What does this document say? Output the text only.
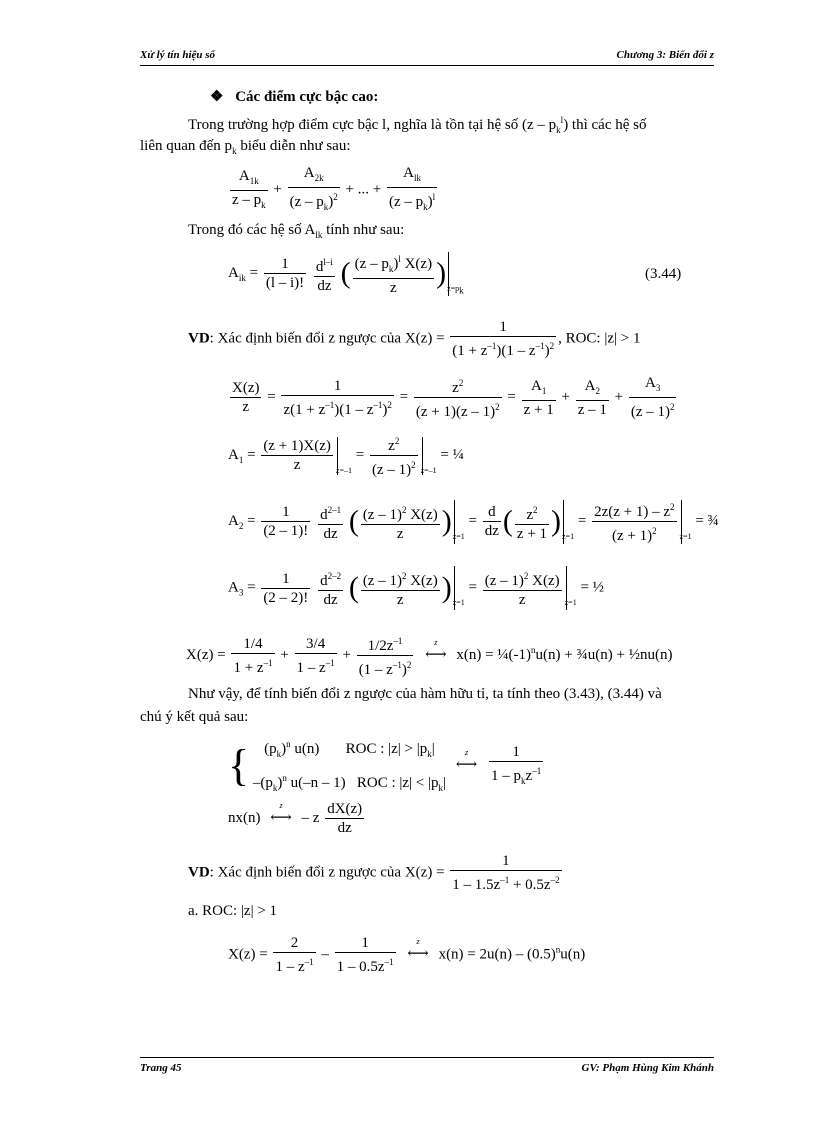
Xử lý tín hiệu số	Chương 3: Biến đổi z
❖ Các điểm cực bậc cao:
Trong trường hợp điểm cực bậc l, nghĩa là tồn tại hệ số $(z - p_k^l)$ thì các hệ số
liên quan đến $p_k$ biểu diễn như sau:
$\frac{A_{1k}}{z - p_k} + \frac{A_{2k}}{(z - p_k)^2}$ + ... + $\frac{A_{lk}}{(z - p_k)^l}$
Trong đó các hệ số $A_{lk}$ tính như sau:
$A_{ik} = \frac{1}{(l - i)!}$
$\frac{d^{l-i}}{dz}$ ( $\frac{(z - p_k)^l X(z)}{z} )_{z=p_k}$
(3.44)
VD: Xác định biến đổi z ngược của $X(z) = \frac{1}{(1 + z^{-1})(1 - z^{-1})^2}$ , ROC: |z| > 1
$\frac{X(z)}{z} = \frac{1}{z(1 + z^{-1})(1 - z^{-1})^2} = \frac{z^2}{(z + 1)(z - 1)^2} = \frac{A_1}{z + 1} + \frac{A_2}{z - 1} + \frac{A_3}{(z - 1)^2}$
$A_1 = \frac{(z + 1)X(z)}{z} _{z=-1} = \frac{z^2}{(z - 1)^2} _{z=-1}$ = ¼
$A_2 = \frac{1}{(2 - 1)!}$
$\frac{d^{2-1}}{dz}$ ( $\frac{(z - 1)^2 X(z)}{z} )_{z=1} = \frac{d}{dz}$ ( $\frac{z^2}{z + 1} )_{z=1} = \frac{2z(z + 1) - z^2}{(z + 1)^2} _{z=1}$ = ¾
$A_3 = \frac{1}{(2 - 2)!}$
$\frac{d^{2-2}}{dz}$ ( $\frac{(z - 1)^2 X(z)}{z} )_{z=1} = \frac{(z - 1)^2 X(z)}{z} _{z=1}$ = ½
$X(z) = \frac{1/4}{1 + z^{-1}} + \frac{3/4}{1 - z^{-1}} + \frac{1/2z^{-1}}{(1 - z^{-1})^2}$ ⟷
z
$x(n) = \frac{1}{4}(-1)^nu(n)$ + ¾u(n) + ½nu(n)
Như vậy, để tính biến đổi z ngược của hàm hữu tỉ, ta tính theo (3.43), (3.44) và
chú ý kết quả sau:
{ $(p_k)^n$ u(n)       ROC : $|z| > |p_k|$
$-(p_k)^n$ u(–n – 1)   ROC : $|z| < |p_k|$
⟷
z
$\frac{1}{1 - p_kz^{-1}}$
nx(n) ⟷
z
– z $\frac{dX(z)}{dz}$
VD: Xác định biến đổi z ngược của $X(z) = \frac{1}{1 - 1.5z^{-1} + 0.5z^{-2}}$
a. ROC: |z| > 1
$X(z) = \frac{2}{1 - z^{-1}} - \frac{1}{1 - 0.5z^{-1}}$ ⟷
z
$x(n) = 2u(n) - (0.5)^nu(n)$
Trang 45	GV: Phạm Hùng Kim Khánh
